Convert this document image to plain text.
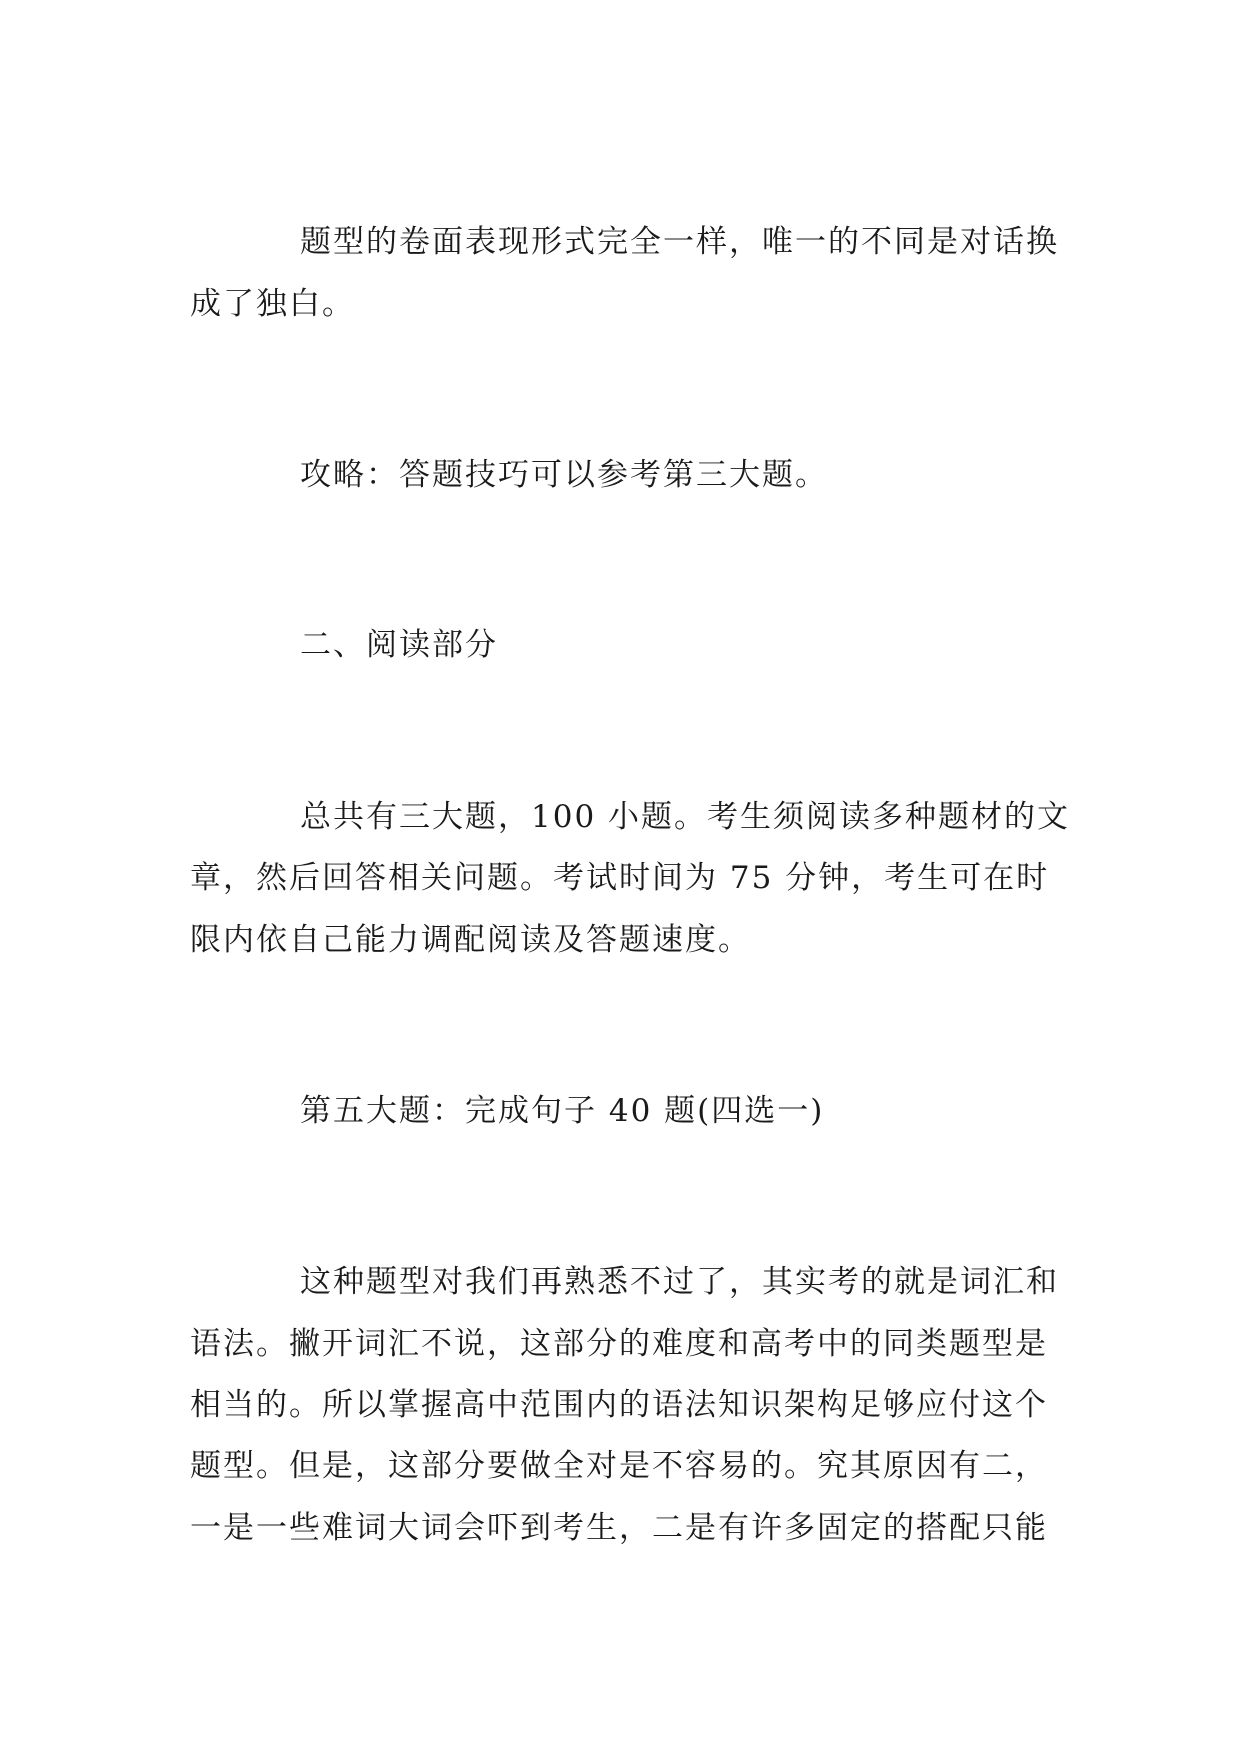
题型的卷面表现形式完全一样，唯一的不同是对话换
成了独白。
攻略：答题技巧可以参考第三大题。
二、阅读部分
总共有三大题，100 小题。考生须阅读多种题材的文
章，然后回答相关问题。考试时间为 75 分钟，考生可在时
限内依自己能力调配阅读及答题速度。
第五大题：完成句子 40 题(四选一)
这种题型对我们再熟悉不过了，其实考的就是词汇和
语法。撇开词汇不说，这部分的难度和高考中的同类题型是
相当的。所以掌握高中范围内的语法知识架构足够应付这个
题型。但是，这部分要做全对是不容易的。究其原因有二，
一是一些难词大词会吓到考生，二是有许多固定的搭配只能
